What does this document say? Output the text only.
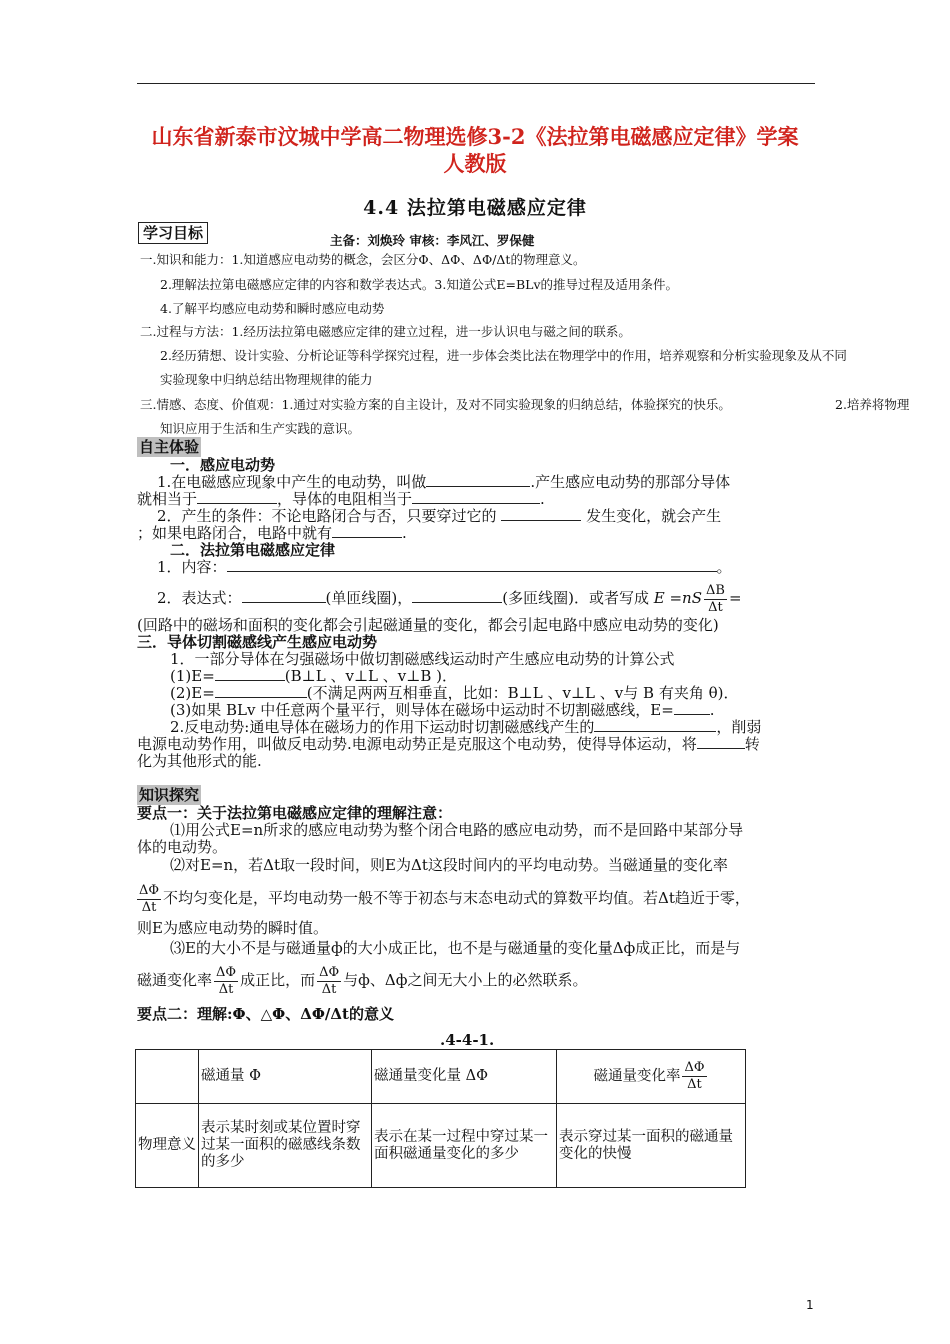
山东省新泰市汶城中学高二物理选修3-2《法拉第电磁感应定律》学案
人教版
4.4 法拉第电磁感应定律
学习目标	主备：刘焕玲 审核：李风江、罗保健
一.知识和能力：1.知道感应电动势的概念，会区分Φ、ΔΦ、ΔΦ/Δt的物理意义。
2.理解法拉第电磁感应定律的内容和数学表达式。3.知道公式E=BLv的推导过程及适用条件。
4.了解平均感应电动势和瞬时感应电动势
二.过程与方法：1.经历法拉第电磁感应定律的建立过程，进一步认识电与磁之间的联系。
2.经历猜想、设计实验、分析论证等科学探究过程，进一步体会类比法在物理学中的作用，培养观察和分析实验现象及从不同
实验现象中归纳总结出物理规律的能力
三.情感、态度、价值观：1.通过对实验方案的自主设计，及对不同实验现象的归纳总结，体验探究的快乐。	2.培养将物理
知识应用于生活和生产实践的意识。
自主体验
一．感应电动势
1.在电磁感应现象中产生的电动势，叫做	.产生感应电动势的那部分导体
就相当于	，导体的电阻相当于	.
2．产生的条件：不论电路闭合与否，只要穿过它的	发生变化，就会产生
；如果电路闭合，电路中就有	.
二．法拉第电磁感应定律
1．内容：	。
2．表达式：	(单匝线圈)，	(多匝线圈)．或者写成 $E =nS \frac{\Delta B}{\Delta t}$ =
(回路中的磁场和面积的变化都会引起磁通量的变化，都会引起电路中感应电动势的变化)
三．导体切割磁感线产生感应电动势
1．一部分导体在匀强磁场中做切割磁感线运动时产生感应电动势的计算公式
(1)E=	(B⊥L 、v⊥L 、v⊥B )．
(2)E=	(不满足两两互相垂直，比如：B⊥L 、v⊥L 、v与 B 有夹角 θ)．
(3)如果 BLv 中任意两个量平行，则导体在磁场中运动时不切割磁感线，E= .
2.反电动势:通电导体在磁场力的作用下运动时切割磁感线产生的	，削弱
电源电动势作用，叫做反电动势.电源电动势正是克服这个电动势，使得导体运动，将	转
化为其他形式的能.
知识探究
要点一：关于法拉第电磁感应定律的理解注意：
⑴用公式E=n所求的感应电动势为整个闭合电路的感应电动势，而不是回路中某部分导
体的电动势。
⑵对E=n，若Δt取一段时间，则E为Δt这段时间内的平均电动势。当磁通量的变化率
$\frac{\Delta\Phi}{\Delta t}$ 不均匀变化是，平均电动势一般不等于初态与末态电动式的算数平均值。若Δt趋近于零，
则E为感应电动势的瞬时值。
⑶E的大小不是与磁通量ф的大小成正比，也不是与磁通量的变化量Δф成正比，而是与
磁通变化率 $\frac{\Delta\Phi}{\Delta t}$ 成正比，而 $\frac{\Delta\Phi}{\Delta t}$ 与ф、Δф之间无大小上的必然联系。
要点二：理解:Φ、△Φ、ΔΦ/Δt的意义
.4-4-1.
	磁通量 Φ	磁通量变化量 ΔΦ	磁通量变化率 $\frac{\Delta\Phi}{\Delta t}$

物理意义	表示某时刻或某位置时穿过某一面积的磁感线条数的多少	表示在某一过程中穿过某一面积磁通量变化的多少	表示穿过某一面积的磁通量变化的快慢
1
